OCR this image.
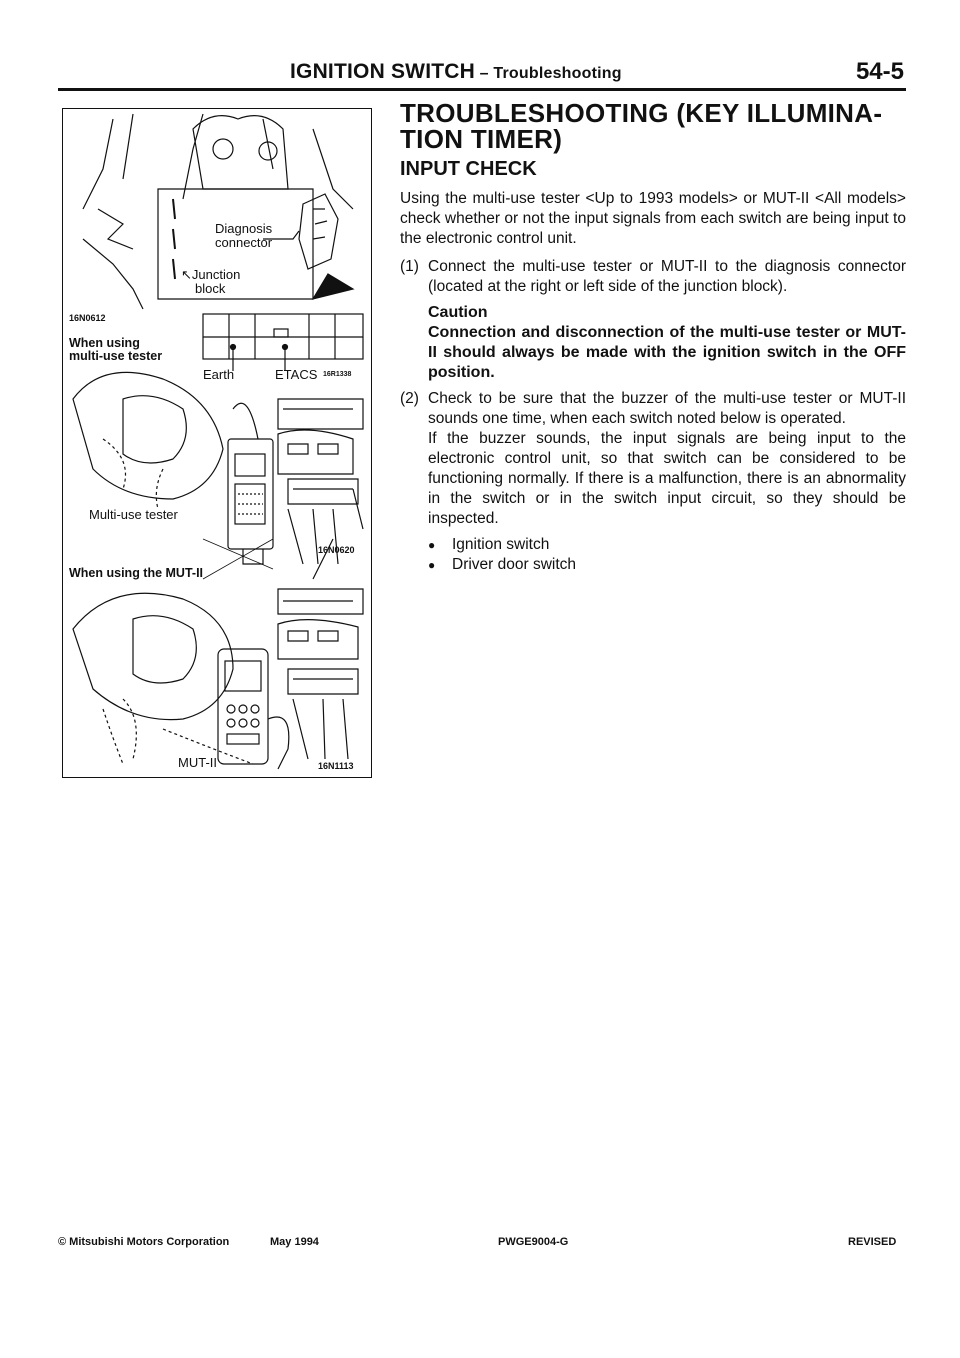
IGNITION SWITCH – Troubleshooting	54-5
Diagnosis
connector
↖Junction
block
16N0612
When using
multi-use tester
Earth	ETACS 16R1338
Multi-use tester
16N0620
When using the MUT-II
MUT-II	16N1113
TROUBLESHOOTING (KEY ILLUMINA-
TION TIMER)
INPUT CHECK

Using the multi-use tester <Up to 1993 models> or MUT-II <All models> check whether or not the input signals from each switch are being input to the electronic control unit.

(1) Connect the multi-use tester or MUT-II to the diagnosis connector (located at the right or left side of the junction block).
Caution
Connection and disconnection of the multi-use tester or MUT-II should always be made with the ignition switch in the OFF position.
(2) Check to be sure that the buzzer of the multi-use tester or MUT-II sounds one time, when each switch noted below is operated.
If the buzzer sounds, the input signals are being input to the electronic control unit, so that switch can be considered to be functioning normally. If there is a malfunction, there is an abnormality in the switch or in the switch input circuit, so they should be inspected.
●	Ignition switch
●	Driver door switch
© Mitsubishi Motors Corporation	May 1994	PWGE9004-G	REVISED
